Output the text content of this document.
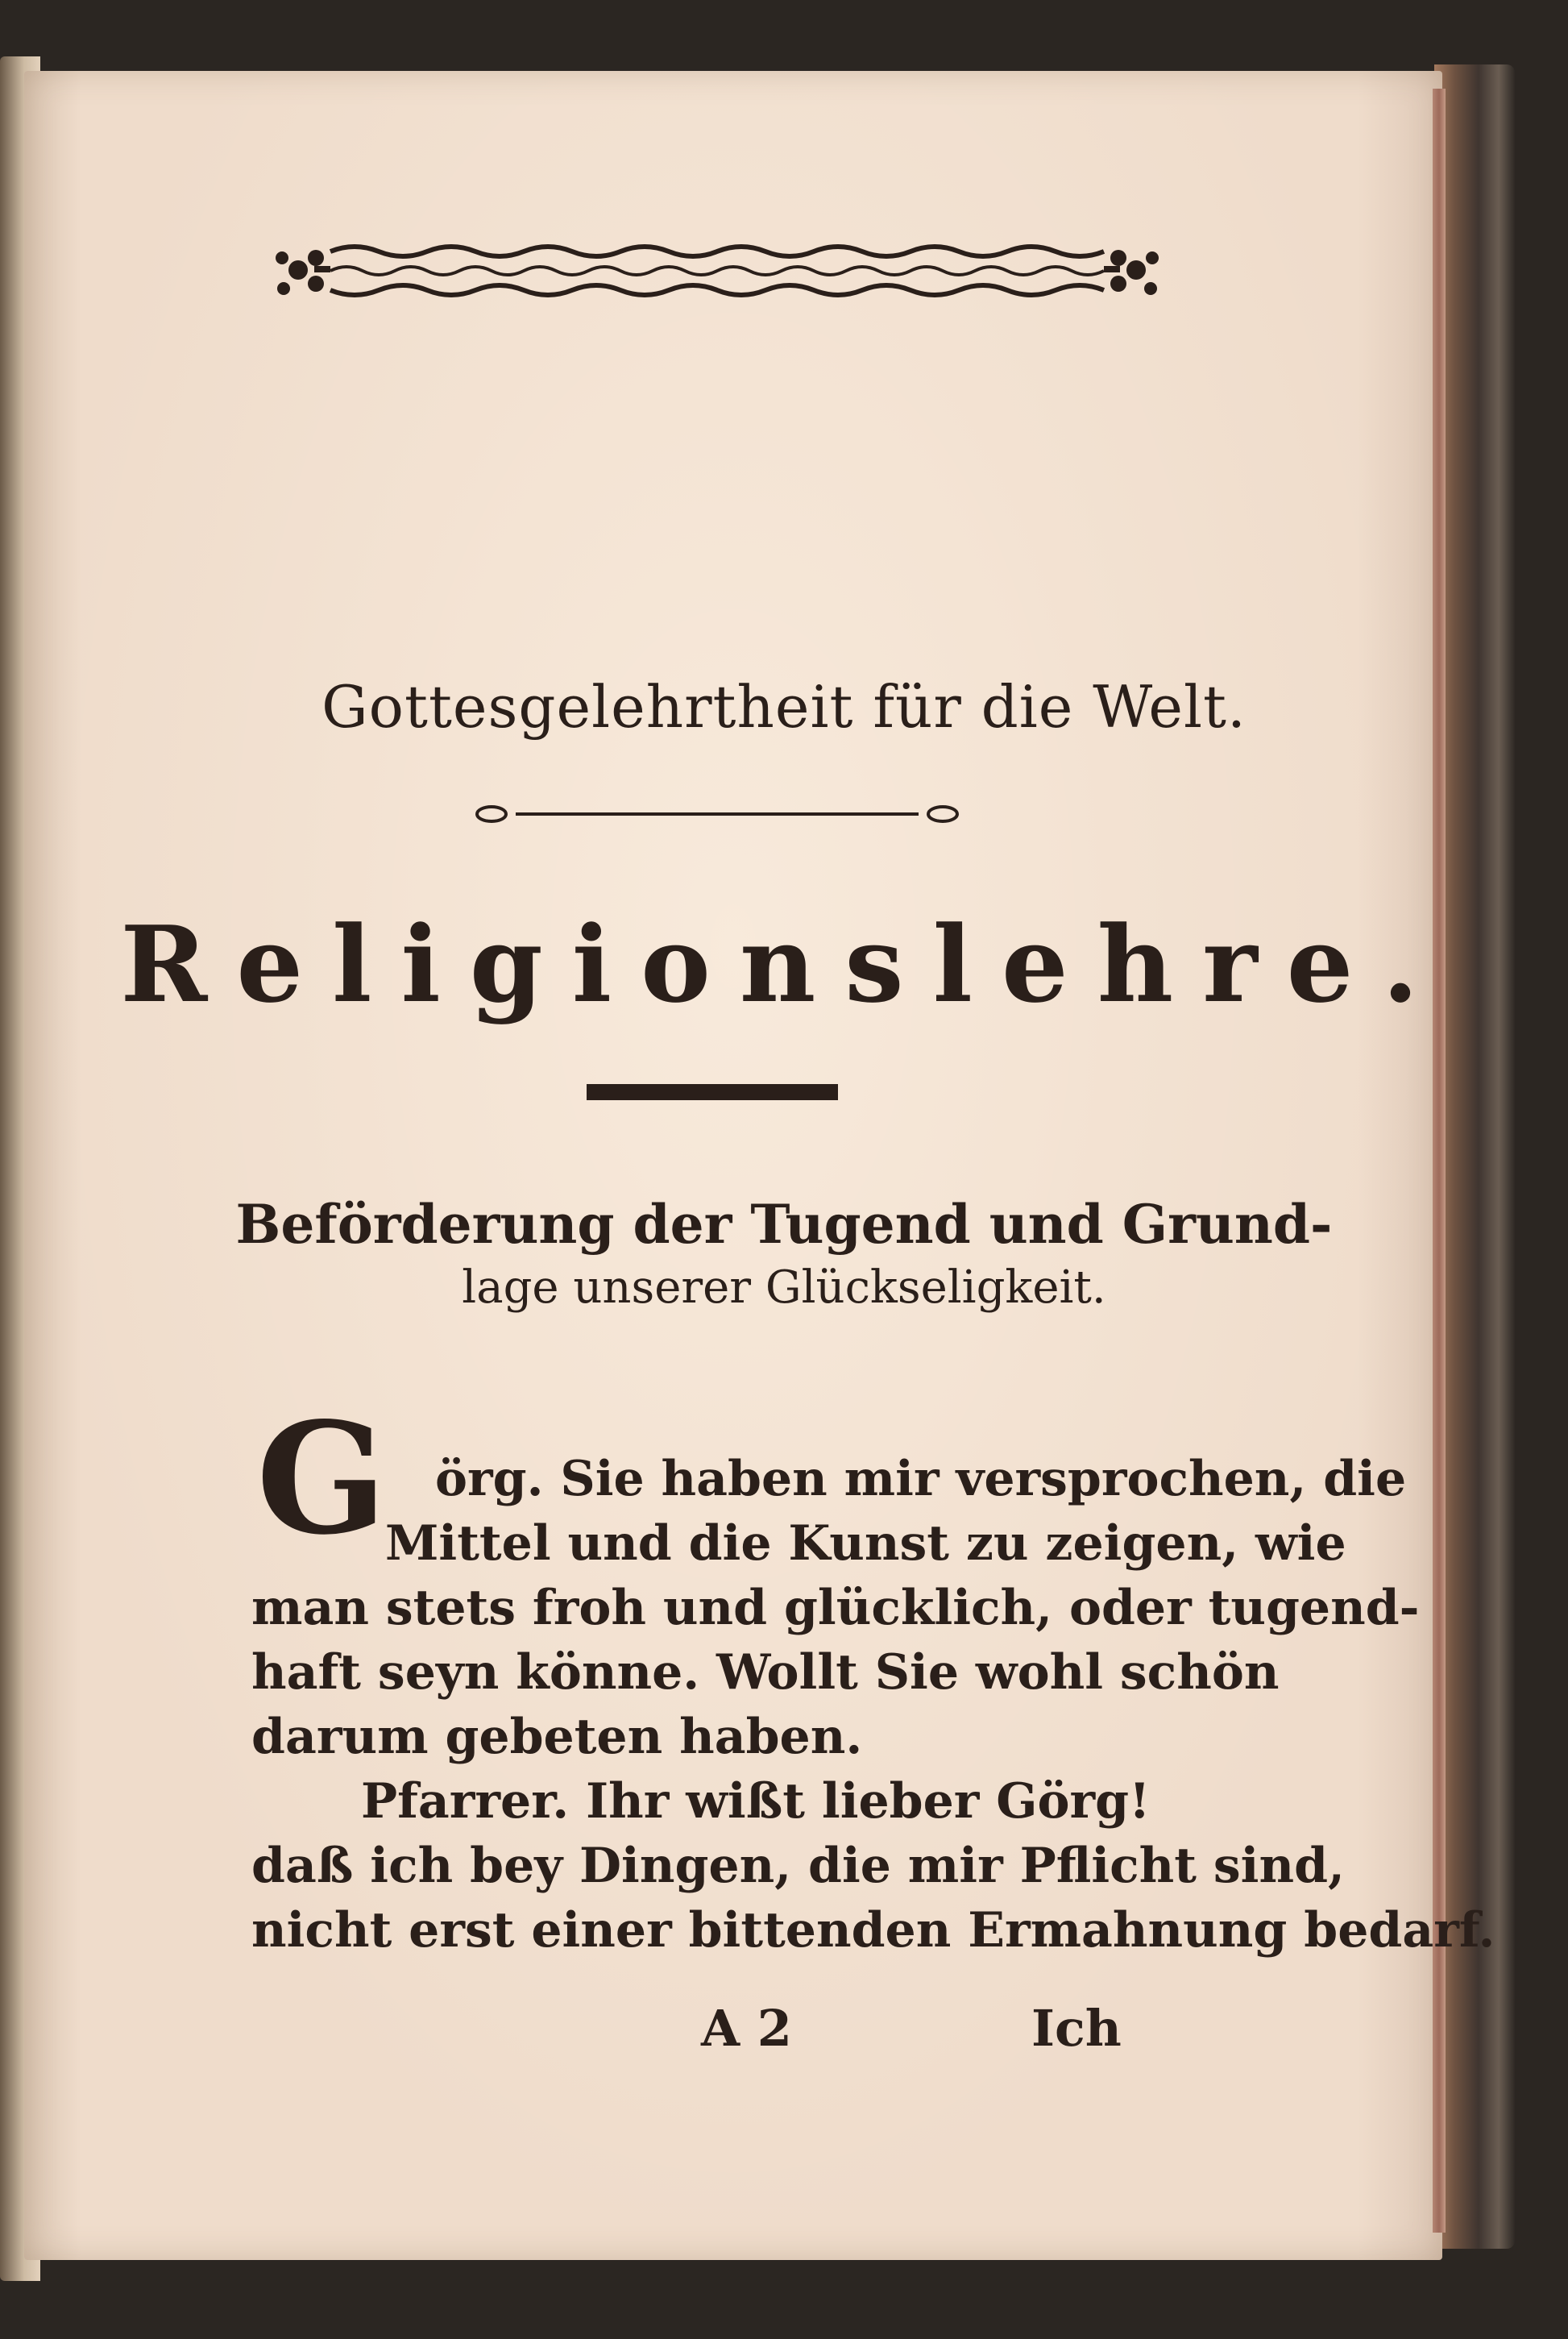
Gottesgelehrtheit für die Welt.
Religionslehre.
Beförderung der Tugend und Grund-
lage unserer Glückseligkeit.
G örg. Sie haben mir versprochen, die
Mittel und die Kunst zu zeigen, wie
man stets froh und glücklich, oder tugend-
haft seyn könne. Wollt Sie wohl schön
darum gebeten haben.
Pfarrer. Ihr wißt lieber Görg!
daß ich bey Dingen, die mir Pflicht sind,
nicht erst einer bittenden Ermahnung bedarf.
A 2	Ich
